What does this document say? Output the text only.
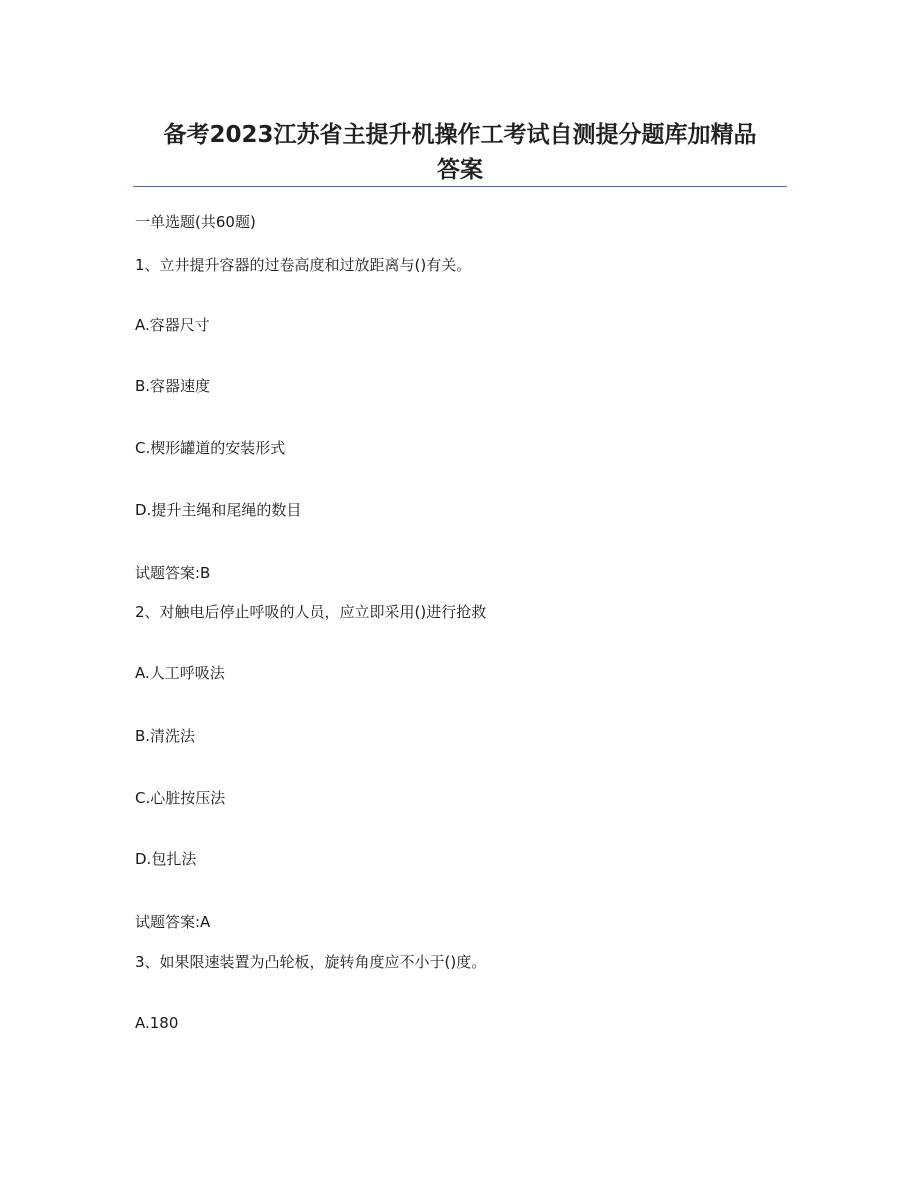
备考2023江苏省主提升机操作工考试自测提分题库加精品
答案
一单选题(共60题)
1、立井提升容器的过卷高度和过放距离与()有关。
A.容器尺寸
B.容器速度
C.楔形罐道的安装形式
D.提升主绳和尾绳的数目
试题答案:B
2、对触电后停止呼吸的人员，应立即采用()进行抢救
A.人工呼吸法
B.清洗法
C.心脏按压法
D.包扎法
试题答案:A
3、如果限速装置为凸轮板，旋转角度应不小于()度。
A.180
